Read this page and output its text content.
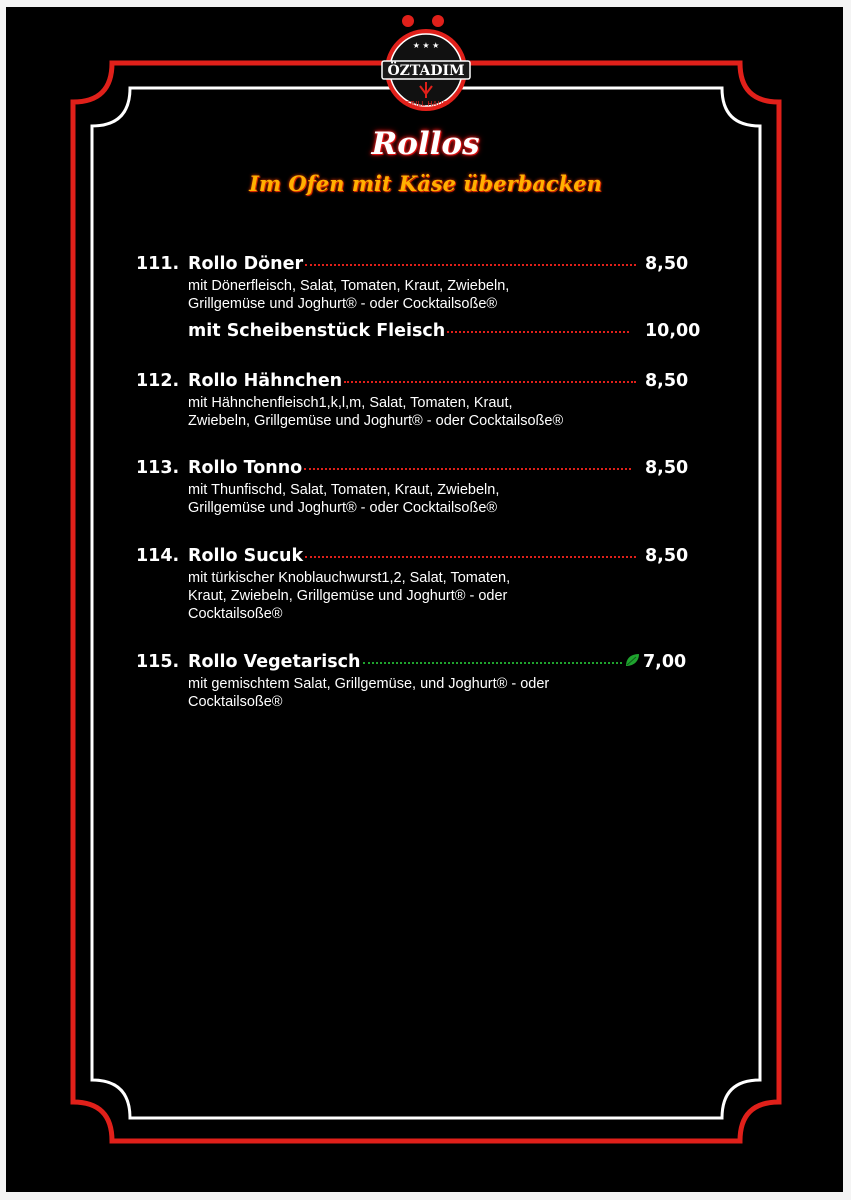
★ ★ ★
ÖZTADIM
GRILL HAUS
Rollos
Im Ofen mit Käse überbacken
111. Rollo Döner	8,50
mit Dönerfleisch, Salat, Tomaten, Kraut, Zwiebeln,
Grillgemüse und Joghurt® - oder Cocktailsoße®
mit Scheibenstück Fleisch	10,00
112. Rollo Hähnchen	8,50
mit Hähnchenfleisch1,k,l,m, Salat, Tomaten, Kraut,
Zwiebeln, Grillgemüse und Joghurt® - oder Cocktailsoße®
113. Rollo Tonno	8,50
mit Thunfischd, Salat, Tomaten, Kraut, Zwiebeln,
Grillgemüse und Joghurt® - oder Cocktailsoße®
114. Rollo Sucuk	8,50
mit türkischer Knoblauchwurst1,2, Salat, Tomaten,
Kraut, Zwiebeln, Grillgemüse und Joghurt® - oder
Cocktailsoße®
115. Rollo Vegetarisch	7,00
mit gemischtem Salat, Grillgemüse, und Joghurt® - oder
Cocktailsoße®
